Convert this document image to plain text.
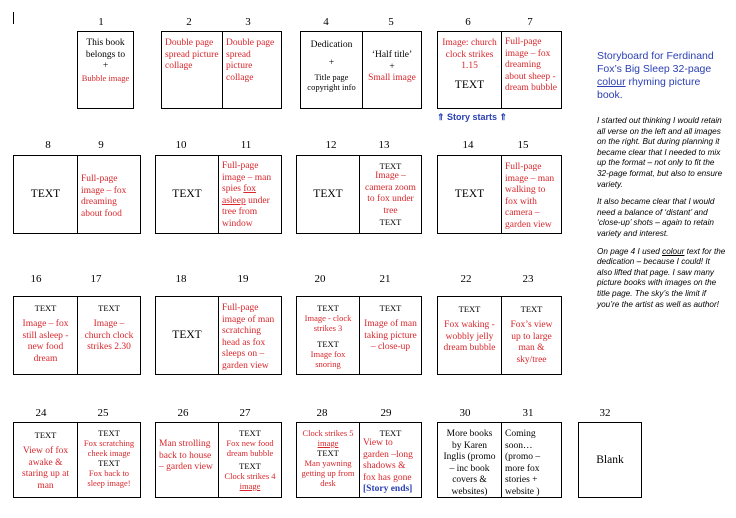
1	2	3	4	5	6	7
This book
belongs to
+
Bubble image
Double page spread picture collage
Double page spread picture collage
Dedication
+
Title page copyright info
‘Half title’
+
Small image
Image: church clock strikes 1.15
TEXT
Full-page image – fox dreaming about sheep - dream bubble
⇑ Story starts ⇑
8	9	10	11	12	13	14	15
TEXT
Full-page image – fox dreaming about food
TEXT
Full-page image – man spies fox asleep under tree from window
TEXT
TEXT
Image – camera zoom to fox under tree
TEXT
TEXT
Full-page image – man walking to fox with camera – garden view
16	17	18	19	20	21	22	23
TEXT
Image – fox still asleep - new food dream
TEXT
Image – church clock strikes 2.30
TEXT
Full-page image of man scratching head as fox sleeps on – garden view
TEXT
Image - clock strikes 3
TEXT
Image fox snoring
TEXT
Image of man taking picture – close-up
TEXT
Fox waking - wobbly jelly dream bubble
TEXT
Fox’s view up to large man & sky/tree
24	25	26	27	28	29	30	31	32
TEXT
View of fox awake & staring up at man
TEXT
Fox scratching cheek image
TEXT
Fox back to sleep image!
Man strolling back to house – garden view
TEXT
Fox new food dream bubble
TEXT
Clock strikes 4 image
Clock strikes 5 image
TEXT
Man yawning getting up from desk
TEXT
View to garden –long shadows & fox has gone
[Story ends]
More books by Karen Inglis (promo – inc book covers & websites)
Coming soon… (promo – more fox stories + website )
Blank
Storyboard for Ferdinand Fox’s Big Sleep 32-page colour rhyming picture book.

I started out thinking I would retain all verse on the left and all images on the right. But during planning it became clear that I needed to mix up the format – not only to fit the 32-page format, but also to ensure variety.

It also became clear that I would need a balance of ‘distant’ and ‘close-up’ shots – again to retain variety and interest.

On page 4 I used colour text for the dedication – because I could! It also lifted that page. I saw many picture books with images on the title page. The sky’s the limit if you’re the artist as well as author!
